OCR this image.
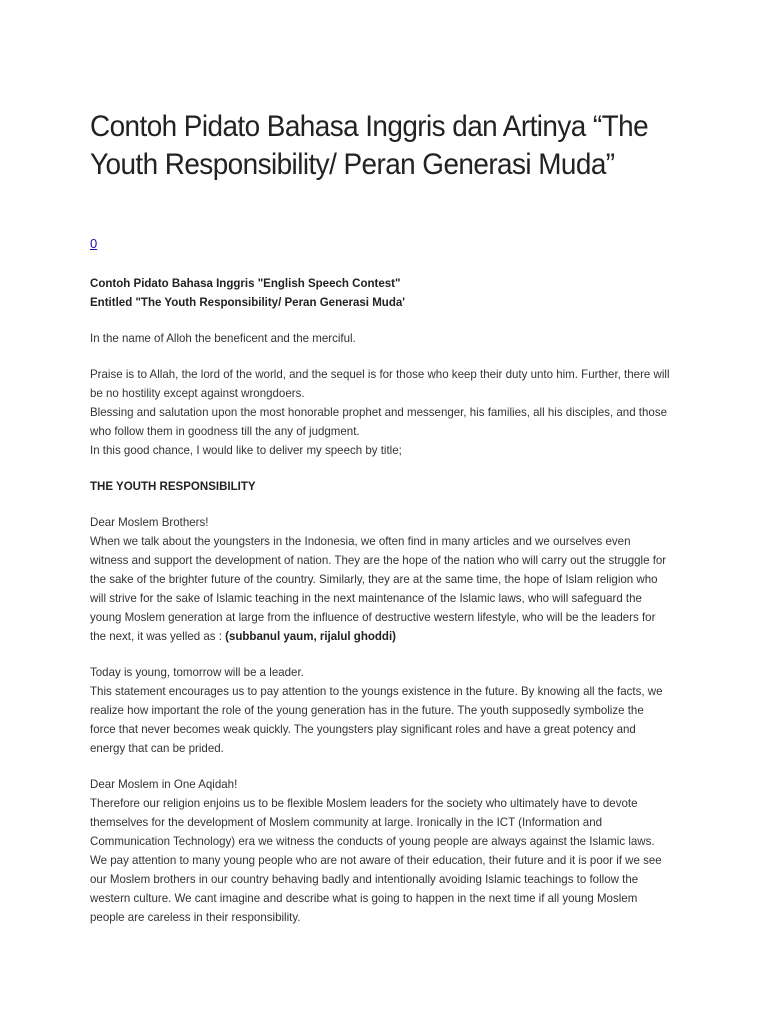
Contoh Pidato Bahasa Inggris dan Artinya “The Youth Responsibility/ Peran Generasi Muda”
0

Contoh Pidato Bahasa Inggris "English Speech Contest"

Entitled "The Youth Responsibility/ Peran Generasi Muda'

In the name of Alloh the beneficent and the merciful.

Praise is to Allah, the lord of the world, and the sequel is for those who keep their duty unto him. Further, there will be no hostility except against wrongdoers.

Blessing and salutation upon the most honorable prophet and messenger, his families, all his disciples, and those who follow them in goodness till the any of judgment.

In this good chance, I would like to deliver my speech by title;

THE YOUTH RESPONSIBILITY

Dear Moslem Brothers!

When we talk about the youngsters in the Indonesia, we often find in many articles and we ourselves even witness and support the development of nation. They are the hope of the nation who will carry out the struggle for the sake of the brighter future of the country. Similarly, they are at the same time, the hope of Islam religion who will strive for the sake of Islamic teaching in the next maintenance of the Islamic laws, who will safeguard the young Moslem generation at large from the influence of destructive western lifestyle, who will be the leaders for the next, it was yelled as : (subbanul yaum, rijalul ghoddi)

Today is young, tomorrow will be a leader.

This statement encourages us to pay attention to the youngs existence in the future. By knowing all the facts, we realize how important the role of the young generation has in the future. The youth supposedly symbolize the force that never becomes weak quickly. The youngsters play significant roles and have a great potency and energy that can be prided.

Dear Moslem in One Aqidah!

Therefore our religion enjoins us to be flexible Moslem leaders for the society who ultimately have to devote themselves for the development of Moslem community at large. Ironically in the ICT (Information and Communication Technology) era we witness the conducts of young people are always against the Islamic laws. We pay attention to many young people who are not aware of their education, their future and it is poor if we see our Moslem brothers in our country behaving badly and intentionally avoiding Islamic teachings to follow the western culture. We cant imagine and describe what is going to happen in the next time if all young Moslem people are careless in their responsibility.
